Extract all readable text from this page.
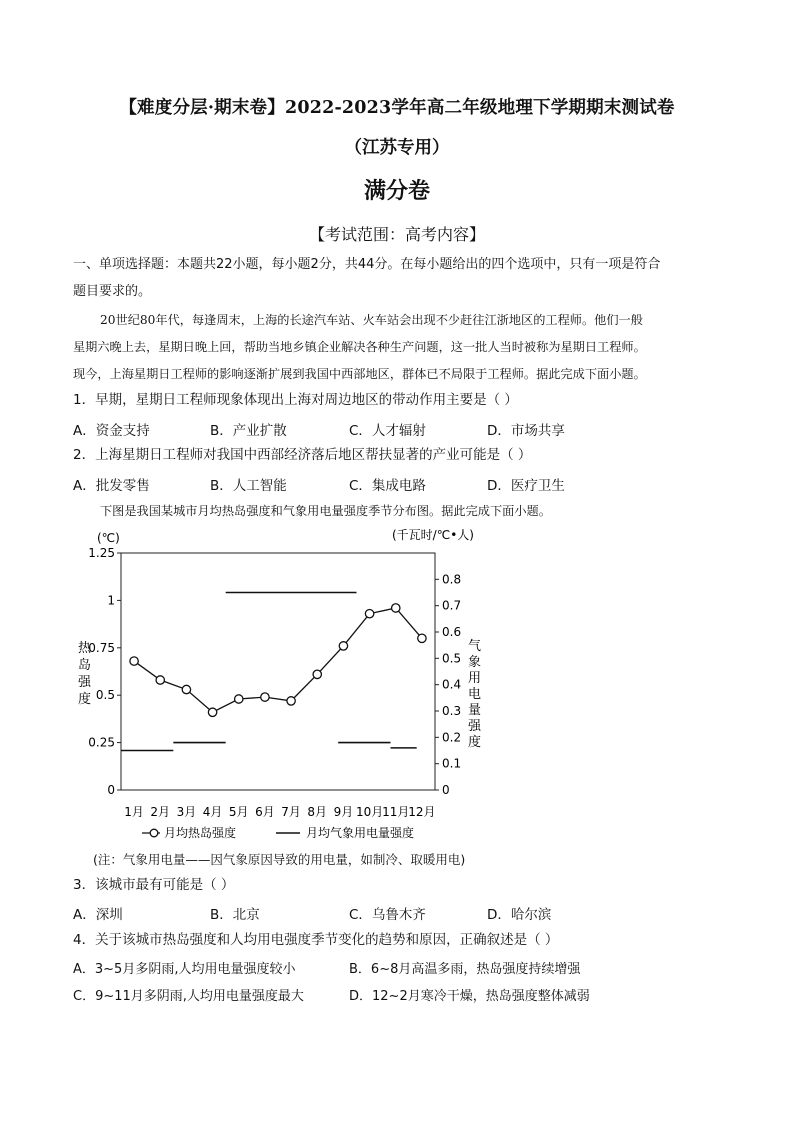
【难度分层·期末卷】2022-2023学年高二年级地理下学期期末测试卷
（江苏专用）
满分卷
【考试范围：高考内容】
一、单项选择题：本题共22小题，每小题2分，共44分。在每小题给出的四个选项中，只有一项是符合
题目要求的。
20世纪80年代，每逢周末，上海的长途汽车站、火车站会出现不少赶往江浙地区的工程师。他们一般
星期六晚上去，星期日晚上回，帮助当地乡镇企业解决各种生产问题，这一批人当时被称为星期日工程师。
现今，上海星期日工程师的影响逐渐扩展到我国中西部地区，群体已不局限于工程师。据此完成下面小题。
1．早期，星期日工程师现象体现出上海对周边地区的带动作用主要是（ ）
A．资金支持	B．产业扩散	C．人才辐射	D．市场共享
2．上海星期日工程师对我国中西部经济落后地区帮扶显著的产业可能是（ ）
A．批发零售	B．人工智能	C．集成电路	D．医疗卫生
下图是我国某城市月均热岛强度和气象用电量强度季节分布图。据此完成下面小题。
0
0.25
0.5
0.75
1
1.25
0
0.1
0.2
0.3
0.4
0.5
0.6
0.7
0.8
1月 2月 3月 4月 5月 6月 7月 8月 9月 10月
11月
12月
(℃)	(千瓦时/℃•人)
热
岛
强
度
气
象
用
电
量
强
度
月均热岛强度	月均气象用电量强度
(注：气象用电量——因气象原因导致的用电量，如制冷、取暖用电)
3．该城市最有可能是（ ）
A．深圳	B．北京	C．乌鲁木齐	D．哈尔滨
4．关于该城市热岛强度和人均用电强度季节变化的趋势和原因，正确叙述是（ ）
A．3~5月多阴雨,人均用电量强度较小	B．6~8月高温多雨，热岛强度持续增强
C．9~11月多阴雨,人均用电量强度最大	D．12~2月寒冷干燥，热岛强度整体减弱
